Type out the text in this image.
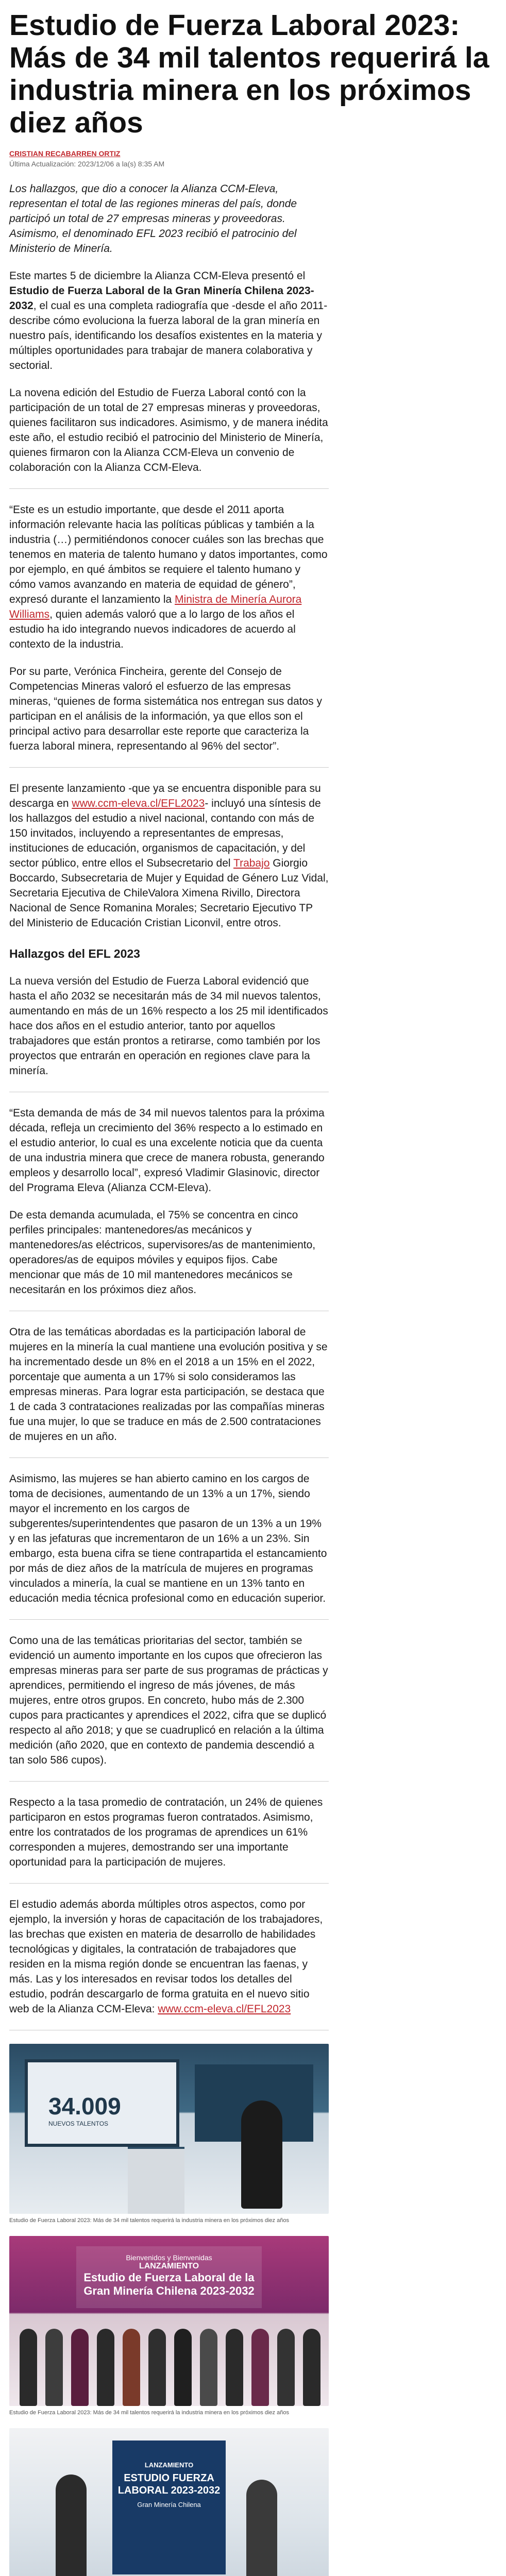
Estudio de Fuerza Laboral 2023: Más de 34 mil talentos requerirá la industria minera en los próximos diez años
CRISTIAN RECABARREN ORTIZ
Última Actualización: 2023/12/06 a la(s) 8:35 AM

Los hallazgos, que dio a conocer la Alianza CCM-Eleva, representan el total de las regiones mineras del país, donde participó un total de 27 empresas mineras y proveedoras. Asimismo, el denominado EFL 2023 recibió el patrocinio del Ministerio de Minería.

Este martes 5 de diciembre la Alianza CCM-Eleva presentó el Estudio de Fuerza Laboral de la Gran Minería Chilena 2023-2032, el cual es una completa radiografía que -desde el año 2011- describe cómo evoluciona la fuerza laboral de la gran minería en nuestro país, identificando los desafíos existentes en la materia y múltiples oportunidades para trabajar de manera colaborativa y sectorial.

La novena edición del Estudio de Fuerza Laboral contó con la participación de un total de 27 empresas mineras y proveedoras, quienes facilitaron sus indicadores. Asimismo, y de manera inédita este año, el estudio recibió el patrocinio del Ministerio de Minería, quienes firmaron con la Alianza CCM-Eleva un convenio de colaboración con la Alianza CCM-Eleva.

“Este es un estudio importante, que desde el 2011 aporta información relevante hacia las políticas públicas y también a la industria (…) permitiéndonos conocer cuáles son las brechas que tenemos en materia de talento humano y datos importantes, como por ejemplo, en qué ámbitos se requiere el talento humano y cómo vamos avanzando en materia de equidad de género”, expresó durante el lanzamiento la Ministra de Minería Aurora Williams, quien además valoró que a lo largo de los años el estudio ha ido integrando nuevos indicadores de acuerdo al contexto de la industria.

Por su parte, Verónica Fincheira, gerente del Consejo de Competencias Mineras valoró el esfuerzo de las empresas mineras, “quienes de forma sistemática nos entregan sus datos y participan en el análisis de la información, ya que ellos son el principal activo para desarrollar este reporte que caracteriza la fuerza laboral minera, representando al 96% del sector”.

El presente lanzamiento -que ya se encuentra disponible para su descarga en www.ccm-eleva.cl/EFL2023- incluyó una síntesis de los hallazgos del estudio a nivel nacional, contando con más de 150 invitados, incluyendo a representantes de empresas, instituciones de educación, organismos de capacitación, y del sector público, entre ellos el Subsecretario del Trabajo Giorgio Boccardo, Subsecretaria de Mujer y Equidad de Género Luz Vidal, Secretaria Ejecutiva de ChileValora Ximena Rivillo, Directora Nacional de Sence Romanina Morales; Secretario Ejecutivo TP del Ministerio de Educación Cristian Liconvil, entre otros.

Hallazgos del EFL 2023

La nueva versión del Estudio de Fuerza Laboral evidenció que hasta el año 2032 se necesitarán más de 34 mil nuevos talentos, aumentando en más de un 16% respecto a los 25 mil identificados hace dos años en el estudio anterior, tanto por aquellos trabajadores que están prontos a retirarse, como también por los proyectos que entrarán en operación en regiones clave para la minería.

“Esta demanda de más de 34 mil nuevos talentos para la próxima década, refleja un crecimiento del 36% respecto a lo estimado en el estudio anterior, lo cual es una excelente noticia que da cuenta de una industria minera que crece de manera robusta, generando empleos y desarrollo local”, expresó Vladimir Glasinovic, director del Programa Eleva (Alianza CCM-Eleva).

De esta demanda acumulada, el 75% se concentra en cinco perfiles principales: mantenedores/as mecánicos y mantenedores/as eléctricos, supervisores/as de mantenimiento, operadores/as de equipos móviles y equipos fijos. Cabe mencionar que más de 10 mil mantenedores mecánicos se necesitarán en los próximos diez años.

Otra de las temáticas abordadas es la participación laboral de mujeres en la minería la cual mantiene una evolución positiva y se ha incrementado desde un 8% en el 2018 a un 15% en el 2022, porcentaje que aumenta a un 17% si solo consideramos las empresas mineras. Para lograr esta participación, se destaca que 1 de cada 3 contrataciones realizadas por las compañías mineras fue una mujer, lo que se traduce en más de 2.500 contrataciones de mujeres en un año.

Asimismo, las mujeres se han abierto camino en los cargos de toma de decisiones, aumentando de un 13% a un 17%, siendo mayor el incremento en los cargos de subgerentes/superintendentes que pasaron de un 13% a un 19% y en las jefaturas que incrementaron de un 16% a un 23%. Sin embargo, esta buena cifra se tiene contrapartida el estancamiento por más de diez años de la matrícula de mujeres en programas vinculados a minería, la cual se mantiene en un 13% tanto en educación media técnica profesional como en educación superior.

Como una de las temáticas prioritarias del sector, también se evidenció un aumento importante en los cupos que ofrecieron las empresas mineras para ser parte de sus programas de prácticas y aprendices, permitiendo el ingreso de más jóvenes, de más mujeres, entre otros grupos. En concreto, hubo más de 2.300 cupos para practicantes y aprendices el 2022, cifra que se duplicó respecto al año 2018; y que se cuadruplicó en relación a la última medición (año 2020, que en contexto de pandemia descendió a tan solo 586 cupos).

Respecto a la tasa promedio de contratación, un 24% de quienes participaron en estos programas fueron contratados. Asimismo, entre los contratados de los programas de aprendices un 61% corresponden a mujeres, demostrando ser una importante oportunidad para la participación de mujeres.

El estudio además aborda múltiples otros aspectos, como por ejemplo, la inversión y horas de capacitación de los trabajadores, las brechas que existen en materia de desarrollo de habilidades tecnológicas y digitales, la contratación de trabajadores que residen en la misma región donde se encuentran las faenas, y más. Las y los interesados en revisar todos los detalles del estudio, podrán descargarlo de forma gratuita en el nuevo sitio web de la Alianza CCM-Eleva: www.ccm-eleva.cl/EFL2023

34.009
NUEVOS TALENTOS

Estudio de Fuerza Laboral 2023: Más de 34 mil talentos requerirá la industria minera en los próximos diez años

Bienvenidos y Bienvenidas
LANZAMIENTO
Estudio de Fuerza Laboral de la Gran Minería Chilena 2023-2032

Estudio de Fuerza Laboral 2023: Más de 34 mil talentos requerirá la industria minera en los próximos diez años

LANZAMIENTO
ESTUDIO FUERZA LABORAL 2023-2032
Gran Minería Chilena
